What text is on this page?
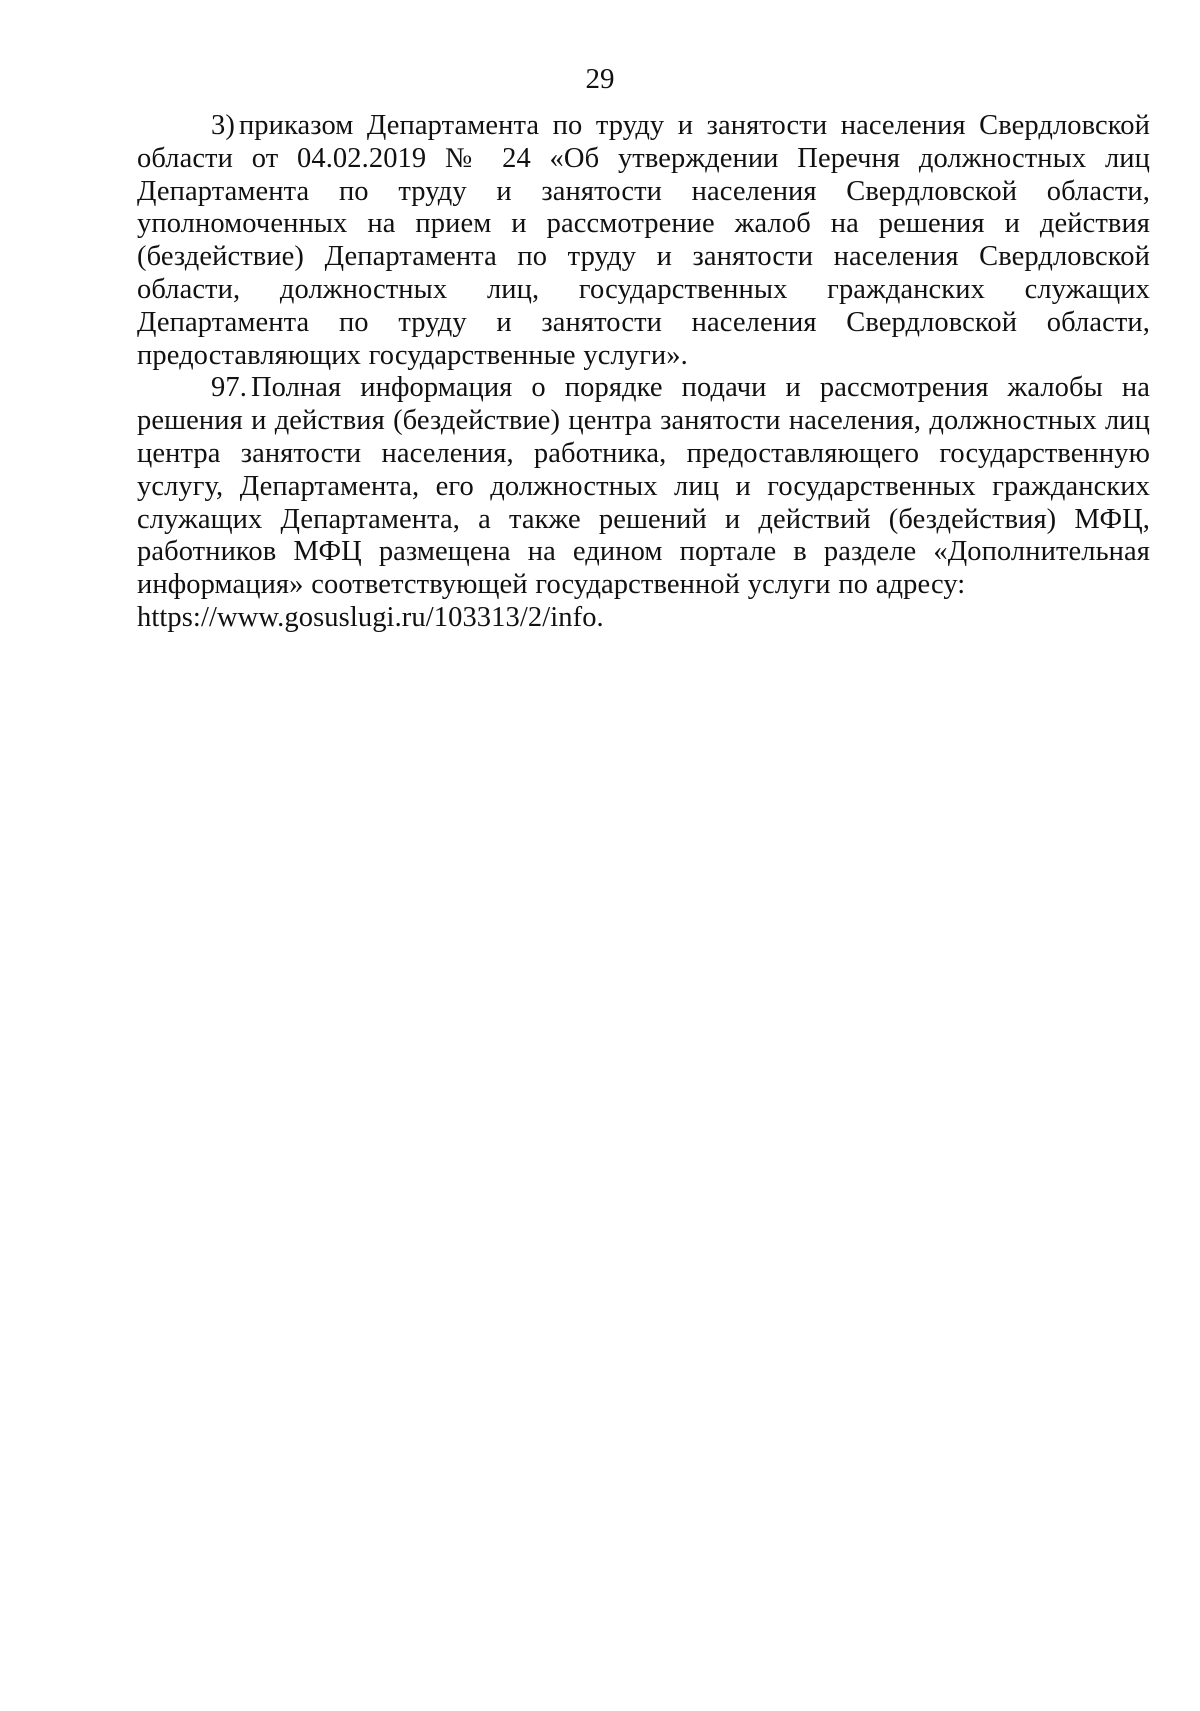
29

3) приказом Департамента по труду и занятости населения Свердловской области от 04.02.2019 № 24 «Об утверждении Перечня должностных лиц Департамента по труду и занятости населения Свердловской области, уполномоченных на прием и рассмотрение жалоб на решения и действия (бездействие) Департамента по труду и занятости населения Свердловской области, должностных лиц, государственных гражданских служащих Департамента по труду и занятости населения Свердловской области, предоставляющих государственные услуги».

97. Полная информация о порядке подачи и рассмотрения жалобы на решения и действия (бездействие) центра занятости населения, должностных лиц центра занятости населения, работника, предоставляющего государственную услугу, Департамента, его должностных лиц и государственных гражданских служащих Департамента, а также решений и действий (бездействия) МФЦ, работников МФЦ размещена на едином портале в разделе «Дополнительная информация» соответствующей государственной услуги по адресу:
https://www.gosuslugi.ru/103313/2/info.
